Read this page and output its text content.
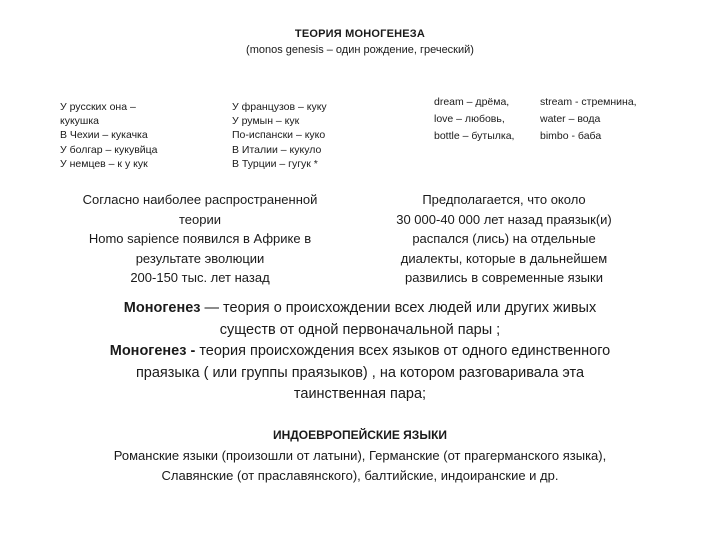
ТЕОРИЯ МОНОГЕНЕЗА
(monos genesis – один рождение, греческий)
У русских она –
кукушка
В Чехии – кукачка
У болгар – кукувйца
У немцев – к у кук
У французов – куку
У румын – кук
По-испански – куко
В Италии – кукуло
В Турции – гугук *
dream – дрёма,	stream - стремнина,
love – любовь,	water – вода
bottle – бутылка,	bimbo - баба
Согласно наиболее распространенной
теории
Homo sapience появился в Африке в
результате эволюции
200-150 тыс. лет назад
Предполагается, что около
30 000-40 000 лет назад праязык(и)
распался (лись) на отдельные
диалекты, которые в дальнейшем
развились в современные языки
Моногенез — теория о происхождении всех людей или других живых
существ от одной первоначальной пары ;
Моногенез - теория происхождения всех языков от одного единственного
праязыка ( или группы праязыков) , на котором разговаривала эта
таинственная пара;
ИНДОЕВРОПЕЙСКИЕ ЯЗЫКИ
Романские языки (произошли от латыни), Германские (от прагерманского языка),
Славянские (от праславянского), балтийские, индоиранские и др.
